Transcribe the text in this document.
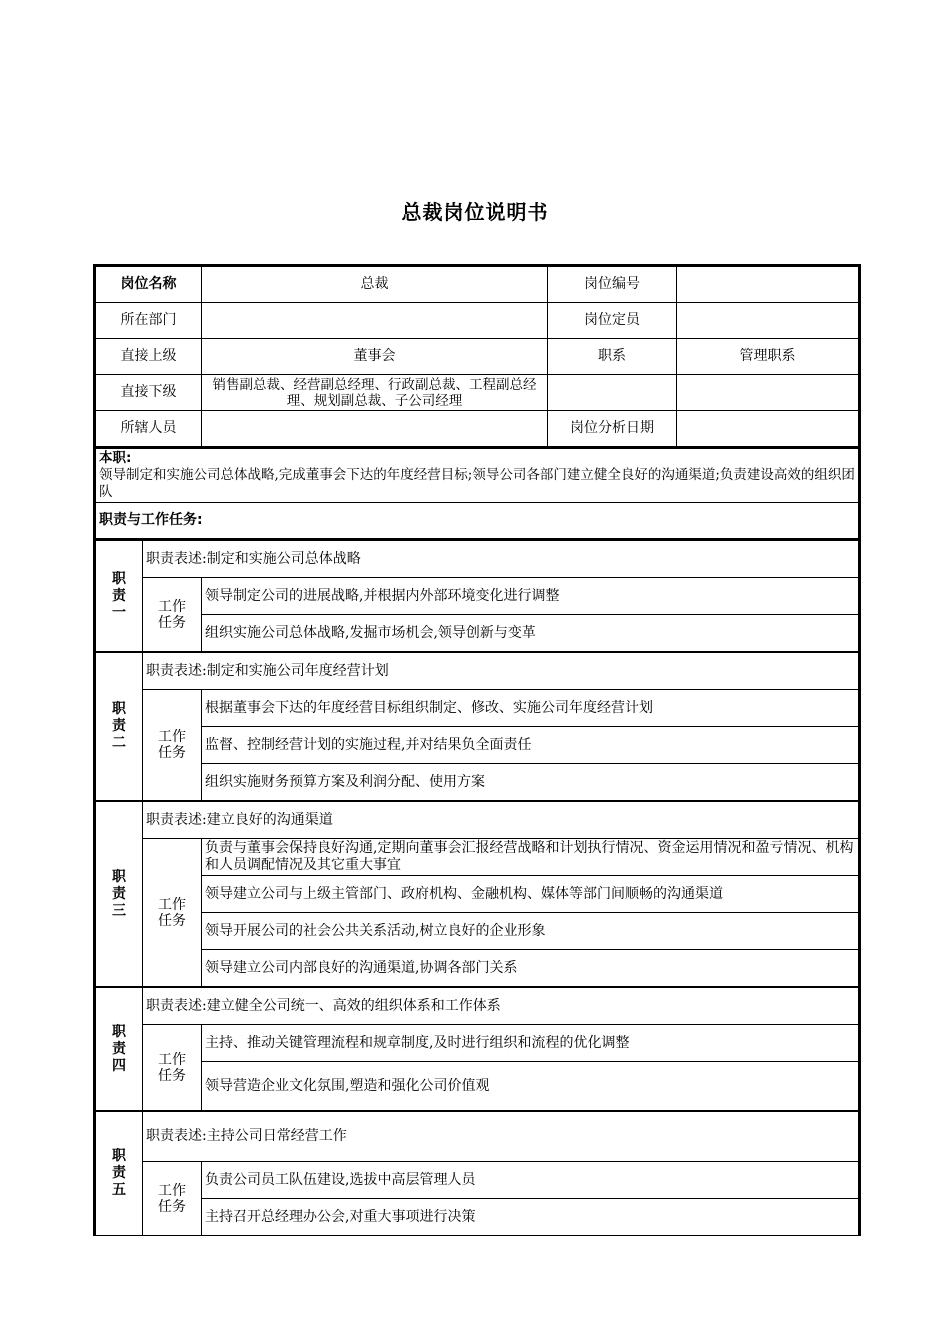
总裁岗位说明书
岗位名称	总裁	岗位编号	
所在部门		岗位定员	
直接上级	董事会	职系	管理职系
直接下级	销售副总裁、经营副总经理、行政副总裁、工程副总经理、规划副总裁、子公司经理		
所辖人员		岗位分析日期	
本职:
领导制定和实施公司总体战略,完成董事会下达的年度经营目标;领导公司各部门建立健全良好的沟通渠道;负责建设高效的组织团队
职责与工作任务:
职
责
一	职责表述:制定和实施公司总体战略	

	工作
任务	领导制定公司的进展战略,并根据内外部环境变化进行调整
		组织实施公司总体战略,发掘市场机会,领导创新与变革

职
责
二	职责表述:制定和实施公司年度经营计划	

	工作
任务	根据董事会下达的年度经营目标组织制定、修改、实施公司年度经营计划
		监督、控制经营计划的实施过程,并对结果负全面责任
		组织实施财务预算方案及利润分配、使用方案

职
责
三	职责表述:建立良好的沟通渠道	

	工作
任务	负责与董事会保持良好沟通,定期向董事会汇报经营战略和计划执行情况、资金运用情况和盈亏情况、机构和人员调配情况及其它重大事宜
		领导建立公司与上级主管部门、政府机构、金融机构、媒体等部门间顺畅的沟通渠道
		领导开展公司的社会公共关系活动,树立良好的企业形象
		领导建立公司内部良好的沟通渠道,协调各部门关系

职
责
四	职责表述:建立健全公司统一、高效的组织体系和工作体系	

	工作
任务	主持、推动关键管理流程和规章制度,及时进行组织和流程的优化调整
		领导营造企业文化氛围,塑造和强化公司价值观

职
责
五	职责表述:主持公司日常经营工作	

	工作
任务	负责公司员工队伍建设,选拔中高层管理人员
		主持召开总经理办公会,对重大事项进行决策
